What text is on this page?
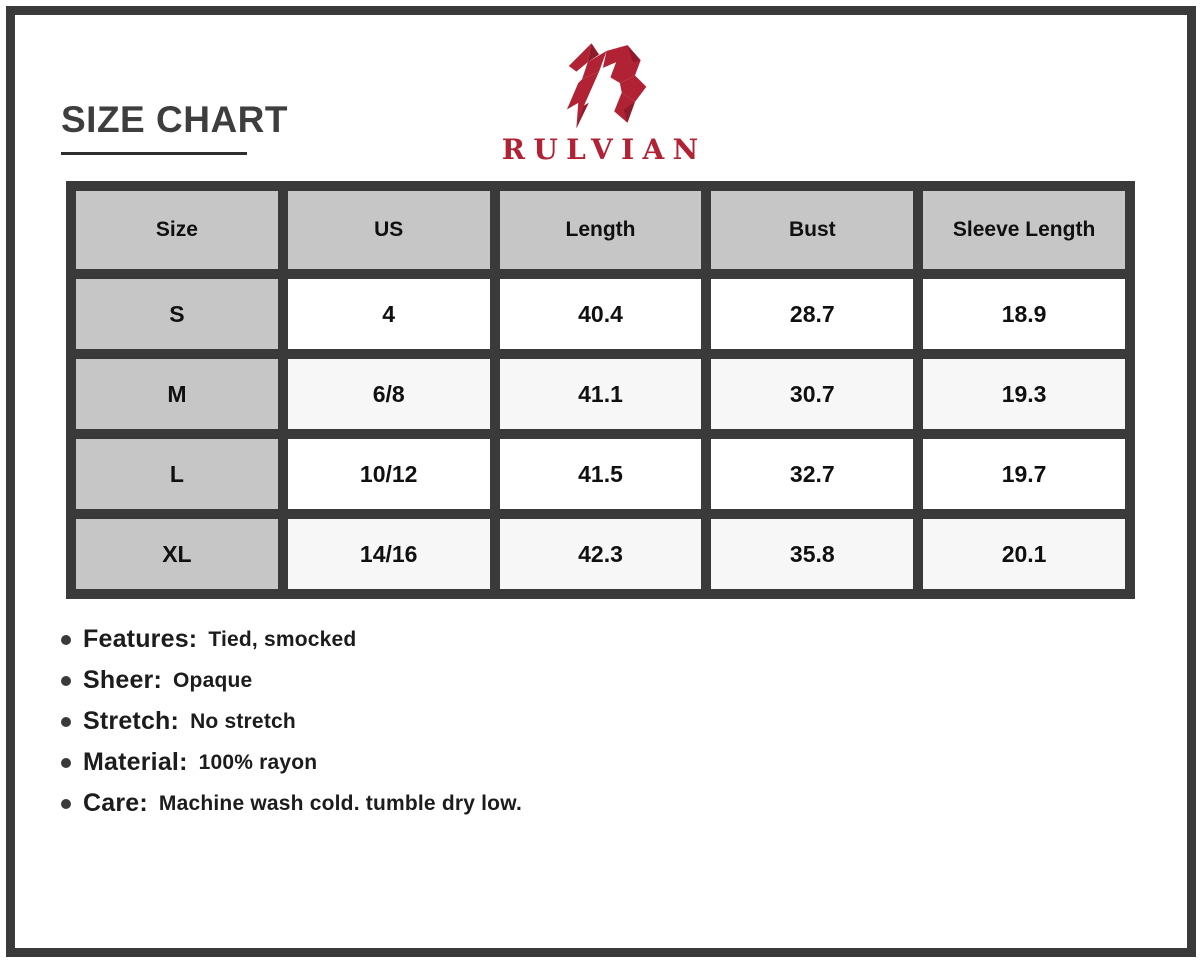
SIZE CHART
RULVIAN
Size	US	Length	Bust	Sleeve Length
S	4	40.4	28.7	18.9
M	6/8	41.1	30.7	19.3
L	10/12	41.5	32.7	19.7
XL	14/16	42.3	35.8	20.1
Features: Tied, smocked
Sheer: Opaque
Stretch: No stretch
Material: 100% rayon
Care: Machine wash cold. tumble dry low.
